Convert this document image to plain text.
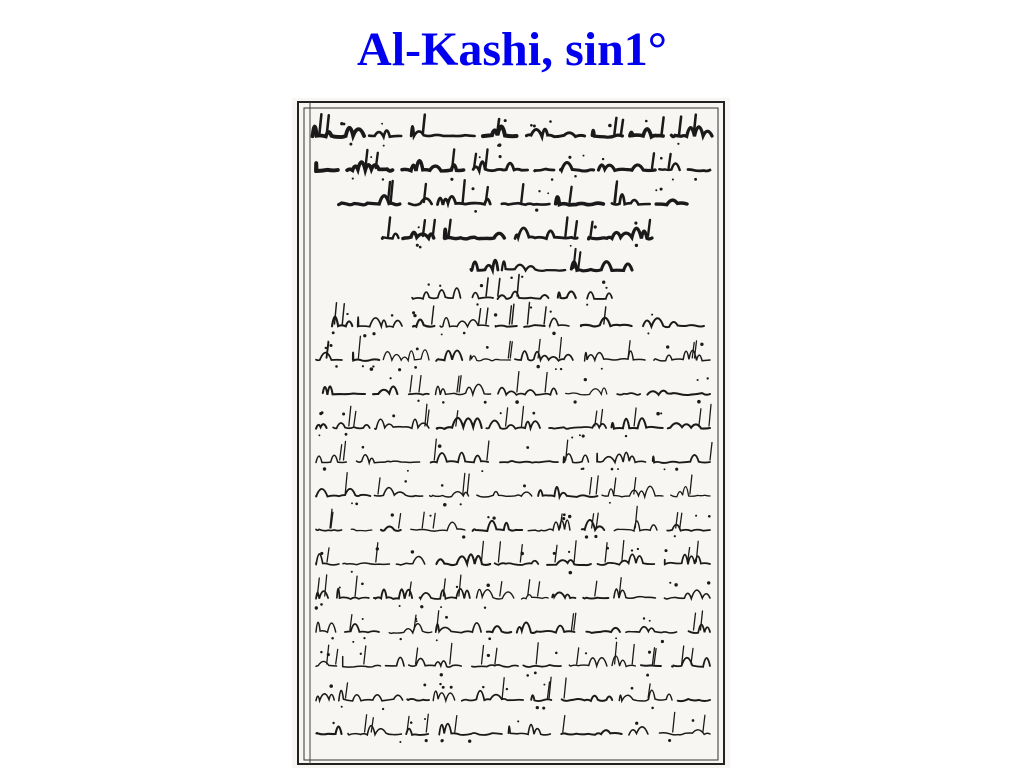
Al-Kashi, sin1°
